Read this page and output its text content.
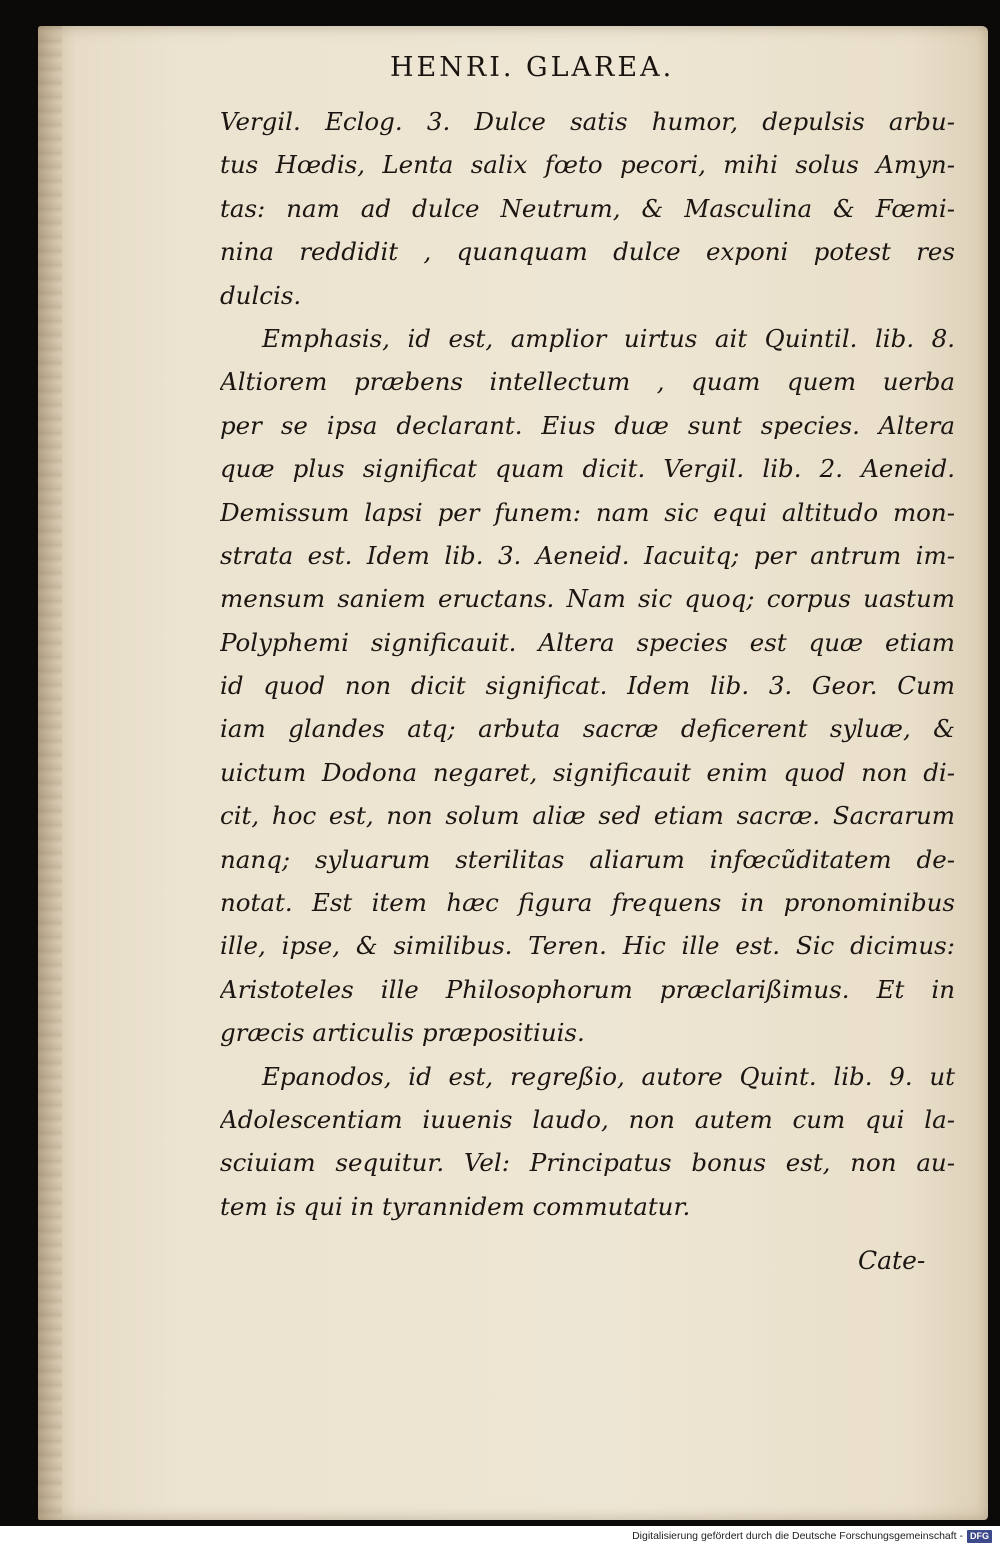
HENRI. GLAREA.
Vergil. Eclog. 3. Dulce satis humor, depulsis arbu-
tus Hœdis, Lenta salix fœto pecori, mihi solus Amyn-
tas: nam ad dulce Neutrum, & Masculina & Fœmi-
nina reddidit , quanquam dulce exponi potest res
dulcis.
Emphasis, id est, amplior uirtus ait Quintil. lib. 8.
Altiorem præbens intellectum , quam quem uerba
per se ipsa declarant. Eius duæ sunt species. Altera
quæ plus significat quam dicit. Vergil. lib. 2. Aeneid.
Demissum lapsi per funem: nam sic equi altitudo mon-
strata est. Idem lib. 3. Aeneid. Iacuitq; per antrum im-
mensum saniem eructans. Nam sic quoq; corpus uastum
Polyphemi significauit. Altera species est quæ etiam
id quod non dicit significat. Idem lib. 3. Geor. Cum
iam glandes atq; arbuta sacræ deficerent syluæ, &
uictum Dodona negaret, significauit enim quod non di-
cit, hoc est, non solum aliæ sed etiam sacræ. Sacrarum
nanq; syluarum sterilitas aliarum infœcũditatem de-
notat. Est item hæc figura frequens in pronominibus
ille, ipse, & similibus. Teren. Hic ille est. Sic dicimus:
Aristoteles ille Philosophorum præclarißimus. Et in
græcis articulis præpositiuis.
Epanodos, id est, regreßio, autore Quint. lib. 9. ut
Adolescentiam iuuenis laudo, non autem cum qui la-
sciuiam sequitur. Vel: Principatus bonus est, non au-
tem is qui in tyrannidem commutatur.
Cate-
Digitalisierung gefördert durch die Deutsche Forschungsgemeinschaft - DFG
